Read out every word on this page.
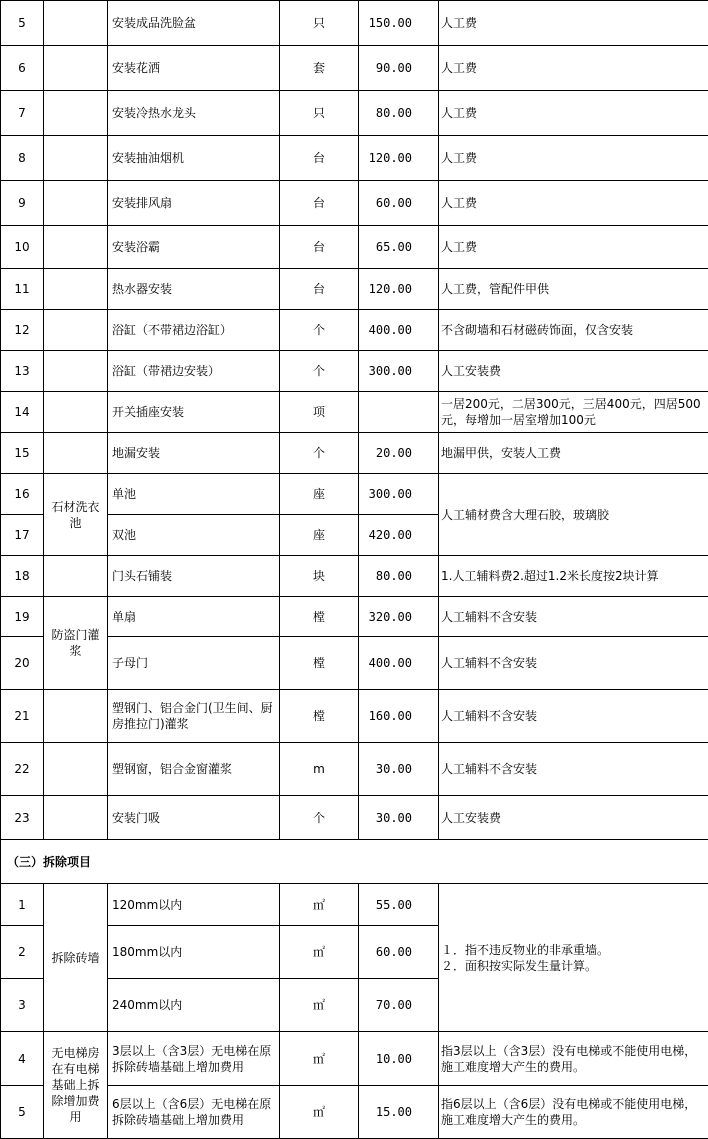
5		安装成品洗脸盆	只	150.00	人工费
6		安装花洒	套	90.00	人工费
7		安装冷热水龙头	只	80.00	人工费
8		安装抽油烟机	台	120.00	人工费
9		安装排风扇	台	60.00	人工费
10		安装浴霸	台	65.00	人工费
11		热水器安装	台	120.00	人工费，管配件甲供
12		浴缸（不带裙边浴缸）	个	400.00	不含砌墙和石材磁砖饰面，仅含安装
13		浴缸（带裙边安装）	个	300.00	人工安装费
14		开关插座安装	项		一居200元，二居300元，三居400元，四居500元，每增加一居室增加100元
15		地漏安装	个	20.00	地漏甲供，安装人工费
16	石材洗衣池	单池	座	300.00	人工辅材费含大理石胶，玻璃胶
17		双池	座	420.00	
18		门头石铺装	块	80.00	1.人工辅料费2.超过1.2米长度按2块计算
19	防盗门灌浆	单扇	樘	320.00	人工辅料不含安装
20		子母门	樘	400.00	人工辅料不含安装
21		塑钢门、铝合金门(卫生间、厨房推拉门)灌浆	樘	160.00	人工辅料不含安装
22		塑钢窗，铝合金窗灌浆	m	30.00	人工辅料不含安装
23		安装门吸	个	30.00	人工安装费
（三）拆除项目					
1	拆除砖墙	120mm以内	㎡	55.00	１．指不违反物业的非承重墙。
２．面积按实际发生量计算。

2		180mm以内	㎡	60.00	
3		240mm以内	㎡	70.00	
4	无电梯房在有电梯基础上拆除增加费用	3层以上（含3层）无电梯在原拆除砖墙基础上增加费用	㎡	10.00	指3层以上（含3层）没有电梯或不能使用电梯，施工难度增大产生的费用。
5		6层以上（含6层）无电梯在原拆除砖墙基础上增加费用	㎡	15.00	指6层以上（含6层）没有电梯或不能使用电梯，施工难度增大产生的费用。
